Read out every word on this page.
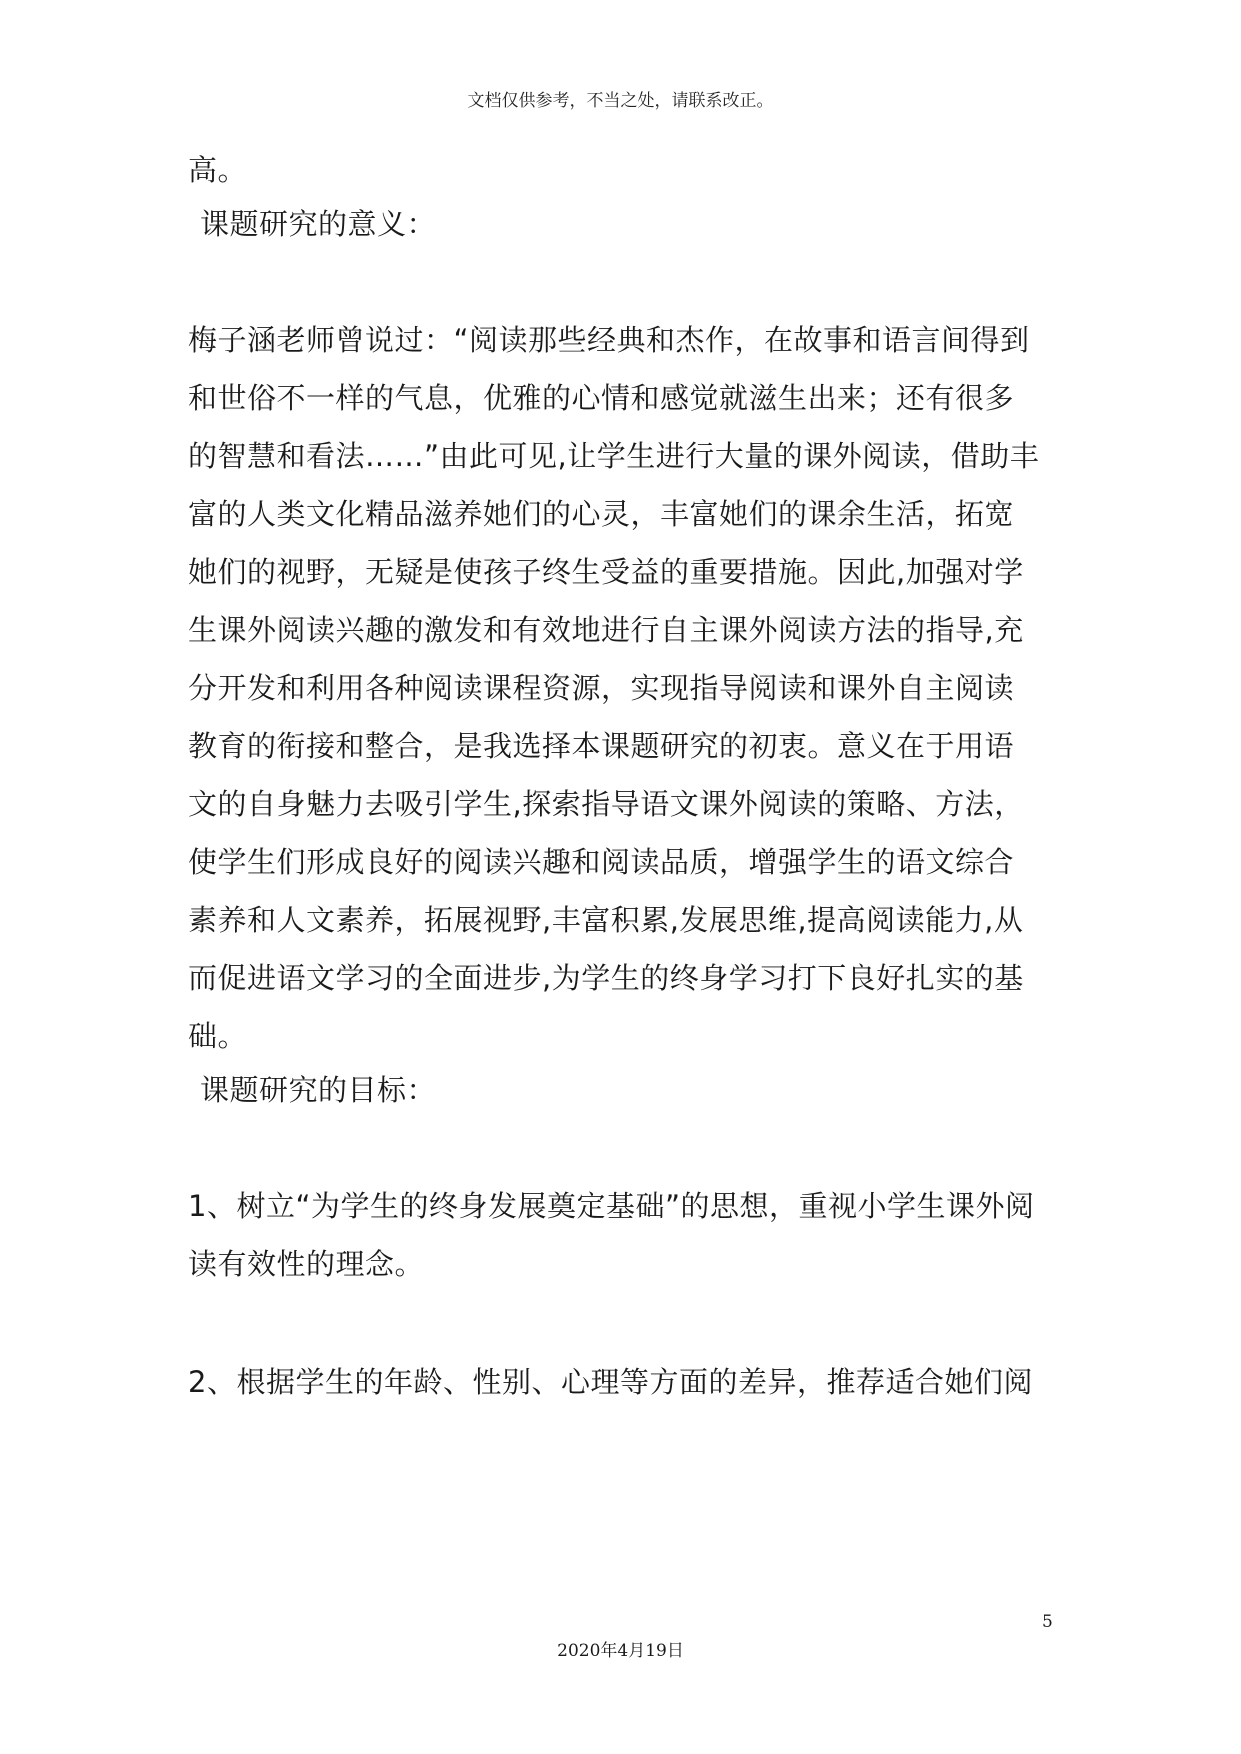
文档仅供参考，不当之处，请联系改正。
高。
课题研究的意义：
梅子涵老师曾说过：“阅读那些经典和杰作，在故事和语言间得到
和世俗不一样的气息，优雅的心情和感觉就滋生出来；还有很多
的智慧和看法……”由此可见,让学生进行大量的课外阅读，借助丰
富的人类文化精品滋养她们的心灵，丰富她们的课余生活，拓宽
她们的视野，无疑是使孩子终生受益的重要措施。因此,加强对学
生课外阅读兴趣的激发和有效地进行自主课外阅读方法的指导,充
分开发和利用各种阅读课程资源，实现指导阅读和课外自主阅读
教育的衔接和整合，是我选择本课题研究的初衷。意义在于用语
文的自身魅力去吸引学生,探索指导语文课外阅读的策略、方法，
使学生们形成良好的阅读兴趣和阅读品质，增强学生的语文综合
素养和人文素养，拓展视野,丰富积累,发展思维,提高阅读能力,从
而促进语文学习的全面进步,为学生的终身学习打下良好扎实的基
础。
课题研究的目标：
1、树立“为学生的终身发展奠定基础”的思想，重视小学生课外阅
读有效性的理念。
2、根据学生的年龄、性别、心理等方面的差异，推荐适合她们阅
5
2020年4月19日
